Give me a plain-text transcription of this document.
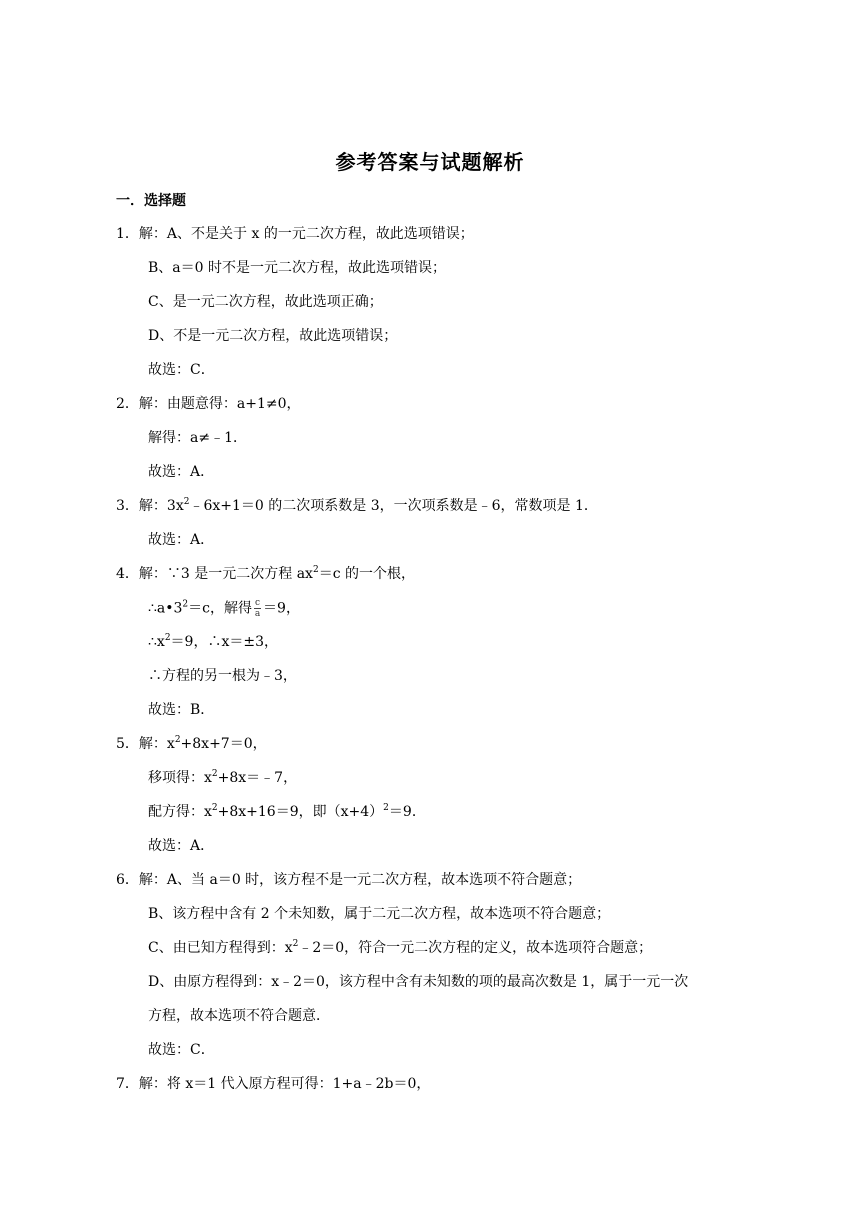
参考答案与试题解析
一．选择题
1．解：A、不是关于 x 的一元二次方程，故此选项错误；
B、a＝0 时不是一元二次方程，故此选项错误；
C、是一元二次方程，故此选项正确；
D、不是一元二次方程，故此选项错误；
故选：C．
2．解：由题意得：a+1≠0，
解得：a≠﹣1．
故选：A．
3．解：$3x^2﹣6x+1=0$ 的二次项系数是 3，一次项系数是﹣6，常数项是 1．
故选：A．
4．解：∵3 是一元二次方程 $ax^2=c$ 的一个根，
$\therefore a•3^2=c$，解得 $\frac{c}{a} =9$，
$\therefore x^2=9$，∴x＝±3，
∴方程的另一根为﹣3，
故选：B．
5．解：$x^2+8x+7=0$，
移项得：$x^2+8x=﹣7$，
配方得：$x^2+8x+16=9$，即$(x+4)^2=9$．
故选：A．
6．解：A、当 a＝0 时，该方程不是一元二次方程，故本选项不符合题意；
B、该方程中含有 2 个未知数，属于二元二次方程，故本选项不符合题意；
C、由已知方程得到：$x^2﹣2=0$，符合一元二次方程的定义，故本选项符合题意；
D、由原方程得到：x﹣2＝0，该方程中含有未知数的项的最高次数是 1，属于一元一次
方程，故本选项不符合题意．
故选：C．
7．解：将 x＝1 代入原方程可得：1+a﹣2b＝0，
